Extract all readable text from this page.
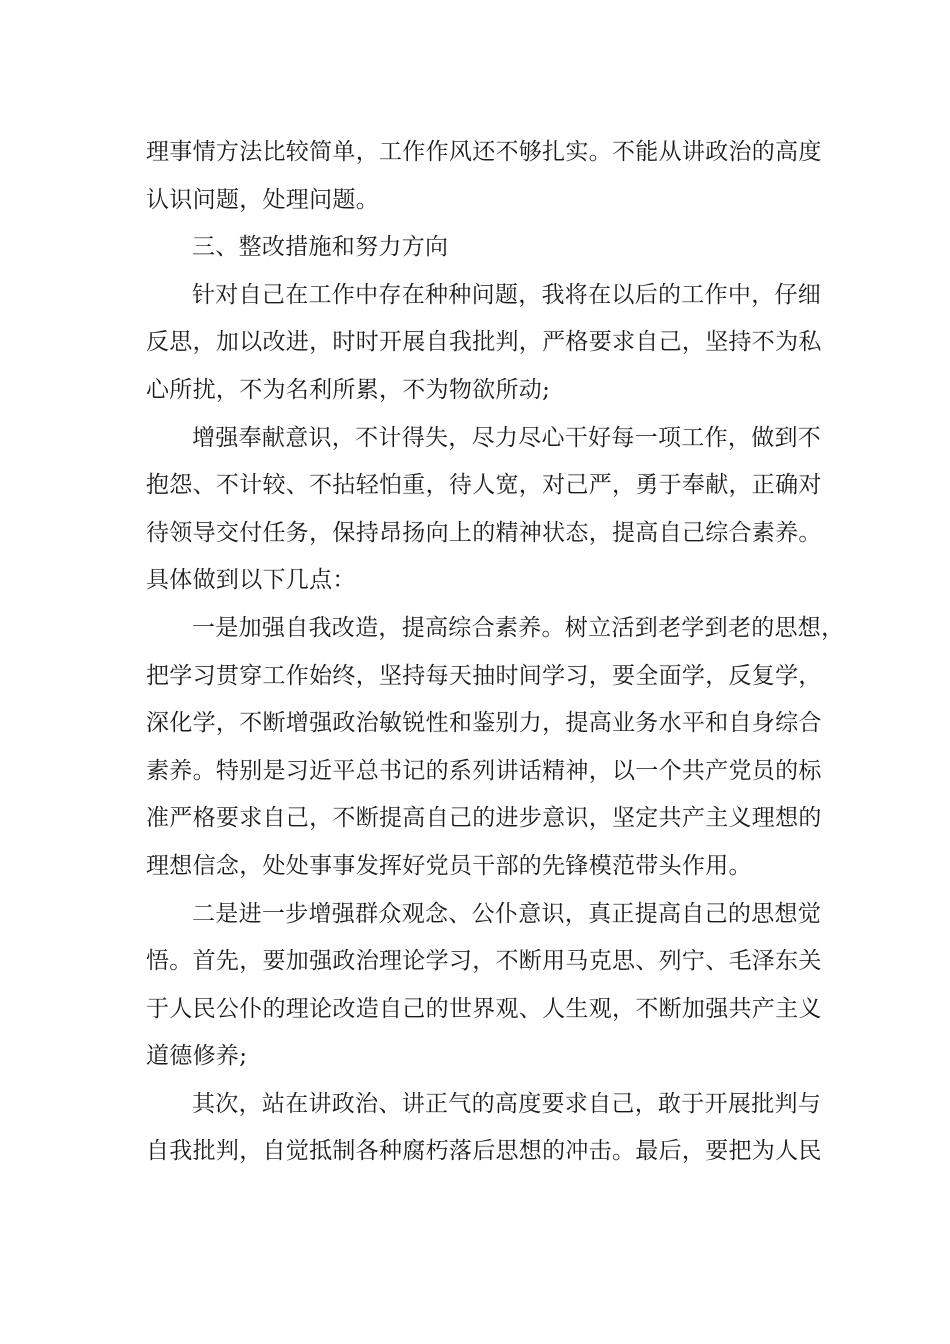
理事情方法比较简单，工作作风还不够扎实。不能从讲政治的高度
认识问题，处理问题。
三、整改措施和努力方向
针对自己在工作中存在种种问题，我将在以后的工作中，仔细
反思，加以改进，时时开展自我批判，严格要求自己，坚持不为私
心所扰，不为名利所累，不为物欲所动;
增强奉献意识，不计得失，尽力尽心干好每一项工作，做到不
抱怨、不计较、不拈轻怕重，待人宽，对己严，勇于奉献，正确对
待领导交付任务，保持昂扬向上的精神状态，提高自己综合素养。
具体做到以下几点：
一是加强自我改造，提高综合素养。树立活到老学到老的思想，
把学习贯穿工作始终，坚持每天抽时间学习，要全面学，反复学，
深化学，不断增强政治敏锐性和鉴别力，提高业务水平和自身综合
素养。特别是习近平总书记的系列讲话精神，以一个共产党员的标
准严格要求自己，不断提高自己的进步意识，坚定共产主义理想的
理想信念，处处事事发挥好党员干部的先锋模范带头作用。
二是进一步增强群众观念、公仆意识，真正提高自己的思想觉
悟。首先，要加强政治理论学习，不断用马克思、列宁、毛泽东关
于人民公仆的理论改造自己的世界观、人生观，不断加强共产主义
道德修养;
其次，站在讲政治、讲正气的高度要求自己，敢于开展批判与
自我批判，自觉抵制各种腐朽落后思想的冲击。最后，要把为人民
